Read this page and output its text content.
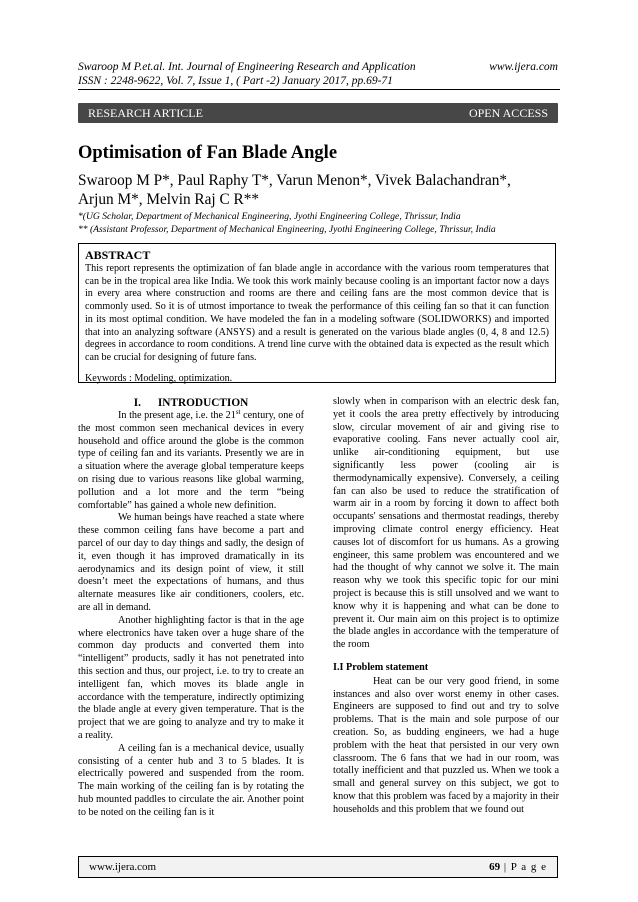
Swaroop M P.et.al. Int. Journal of Engineering Research and Application	www.ijera.com
ISSN : 2248-9622, Vol. 7, Issue 1, ( Part -2) January 2017, pp.69-71
RESEARCH ARTICLE	OPEN ACCESS
Optimisation of Fan Blade Angle
Swaroop M P*, Paul Raphy T*, Varun Menon*, Vivek Balachandran*,
Arjun M*, Melvin Raj C R**
*(UG Scholar, Department of Mechanical Engineering, Jyothi Engineering College, Thrissur, India
** (Assistant Professor, Department of Mechanical Engineering, Jyothi Engineering College, Thrissur, India
ABSTRACT
This report represents the optimization of fan blade angle in accordance with the various room temperatures that can be in the tropical area like India. We took this work mainly because cooling is an important factor now a days in every area where construction and rooms are there and ceiling fans are the most common device that is commonly used. So it is of utmost importance to tweak the performance of this ceiling fan so that it can function in its most optimal condition. We have modeled the fan in a modeling software (SOLIDWORKS) and imported that into an analyzing software (ANSYS) and a result is generated on the various blade angles (0, 4, 8 and 12.5) degrees in accordance to room conditions. A trend line curve with the obtained data is expected as the result which can be crucial for designing of future fans.
Keywords : Modeling, optimization.
I.      INTRODUCTION

In the present age, i.e. the 21st century, one of the most common seen mechanical devices in every household and office around the globe is the common type of ceiling fan and its variants. Presently we are in a situation where the average global temperature keeps on rising due to various reasons like global warming, pollution and a lot more and the term “being comfortable” has gained a whole new definition.

We human beings have reached a state where these common ceiling fans have become a part and parcel of our day to day things and sadly, the design of it, even though it has improved dramatically in its aerodynamics and its design point of view, it still doesn’t meet the expectations of humans, and thus alternate measures like air conditioners, coolers, etc. are all in demand.

Another highlighting factor is that in the age where electronics have taken over a huge share of the common day products and converted them into “intelligent” products, sadly it has not penetrated into this section and thus, our project, i.e. to try to create an intelligent fan, which moves its blade angle in accordance with the temperature, indirectly optimizing the blade angle at every given temperature. That is the project that we are going to analyze and try to make it a reality.

A ceiling fan is a mechanical device, usually consisting of a center hub and 3 to 5 blades. It is electrically powered and suspended from the room. The main working of the ceiling fan is by rotating the hub mounted paddles to circulate the air. Another point to be noted on the ceiling fan is it

slowly when in comparison with an electric desk fan, yet it cools the area pretty effectively by introducing slow, circular movement of air and giving rise to evaporative cooling. Fans never actually cool air, unlike air-conditioning equipment, but use significantly less power (cooling air is thermodynamically expensive). Conversely, a ceiling fan can also be used to reduce the stratification of warm air in a room by forcing it down to affect both occupants' sensations and thermostat readings, thereby improving climate control energy efficiency. Heat causes lot of discomfort for us humans. As a growing engineer, this same problem was encountered and we had the thought of why cannot we solve it. The main reason why we took this specific topic for our mini project is because this is still unsolved and we want to know why it is happening and what can be done to prevent it. Our main aim on this project is to optimize the blade angles in accordance with the temperature of the room

I.I Problem statement

Heat can be our very good friend, in some instances and also over worst enemy in other cases. Engineers are supposed to find out and try to solve problems. That is the main and sole purpose of our creation. So, as budding engineers, we had a huge problem with the heat that persisted in our very own classroom. The 6 fans that we had in our room, was totally inefficient and that puzzled us. When we took a small and general survey on this subject, we got to know that this problem was faced by a majority in their households and this problem that we found out

www.ijera.com	69 | P a g e
